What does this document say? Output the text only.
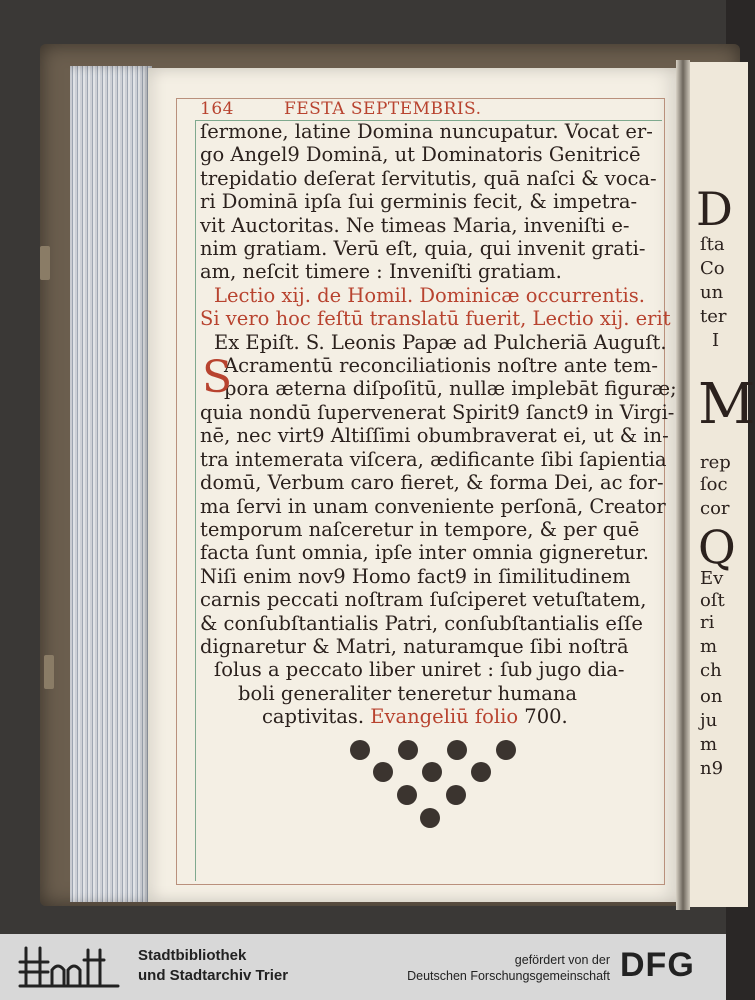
164	FESTA SEPTEMBRIS.
ſermone, latine Domina nuncupatur. Vocat er-
go Angel9 Dominā, ut Dominatoris Genitricē
trepidatio deſerat ſervitutis, quā naſci & voca-
ri Dominā ipſa ſui germinis fecit, & impetra-
vit Auctoritas. Ne timeas Maria, inveniſti e-
nim gratiam. Verū eſt, quia, qui invenit grati-
am, neſcit timere : Inveniſti gratiam.
Lectio xij. de Homil. Dominicæ occurrentis.
Si vero hoc feſtū translatū fuerit, Lectio xij. erit
Ex Epiſt. S. Leonis Papæ ad Pulcheriā Auguſt.
Acramentū reconciliationis noſtre ante tem-
pora æterna diſpoſitū, nullæ implebāt figuræ;
quia nondū ſupervenerat Spirit9 ſanct9 in Virgi-
nē, nec virt9 Altiſſimi obumbraverat ei, ut & in-
tra intemerata viſcera, ædificante ſibi ſapientia
domū, Verbum caro fieret, & forma Dei, ac for-
ma ſervi in unam conveniente perſonā, Creator
temporum naſceretur in tempore, & per quē
facta ſunt omnia, ipſe inter omnia gigneretur.
Niſi enim nov9 Homo fact9 in ſimilitudinem
carnis peccati noſtram ſuſciperet vetuſtatem,
& conſubſtantialis Patri, conſubſtantialis eſſe
dignaretur & Matri, naturamque ſibi noſtrā
ſolus a peccato liber uniret : ſub jugo dia-
boli generaliter teneretur humana
captivitas. Evangeliū folio 700.
S
D
ſta
Co
un
ter
I
M
rep
ſoc
cor
Q
Ev
oſt
ri
m
ch
on
ju
m
n9
Stadtbibliothek
und Stadtarchiv Trier
gefördert von der
Deutschen Forschungsgemeinschaft DFG
